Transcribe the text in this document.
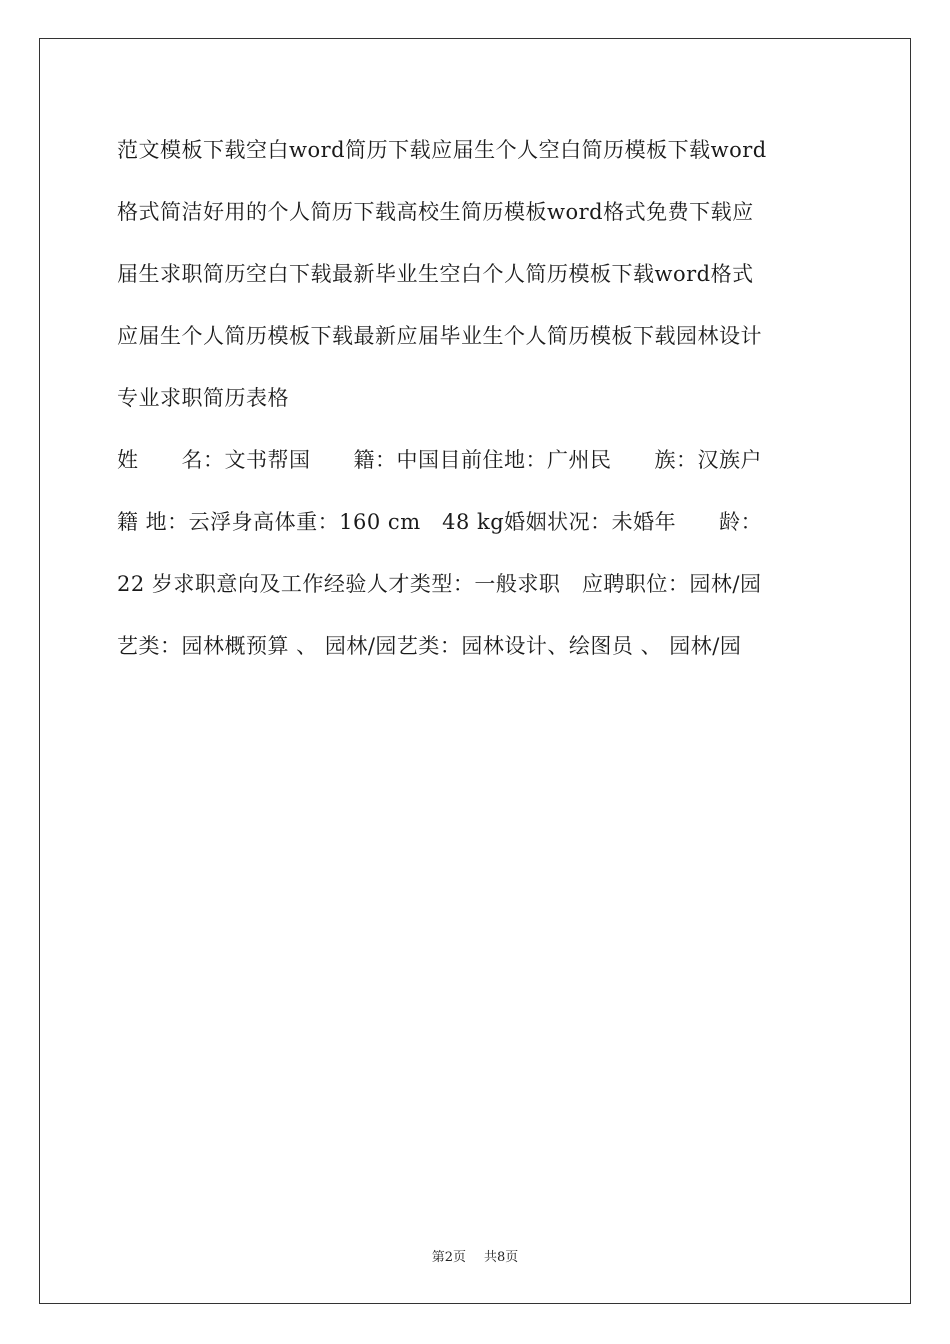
范文模板下载空白word简历下载应届生个人空白简历模板下载word
格式简洁好用的个人简历下载高校生简历模板word格式免费下载应
届生求职简历空白下载最新毕业生空白个人简历模板下载word格式
应届生个人简历模板下载最新应届毕业生个人简历模板下载园林设计
专业求职简历表格
姓　　名：文书帮国　　籍：中国目前住地：广州民　　族：汉族户
籍 地：云浮身高体重：160 cm　48 kg婚姻状况：未婚年　　龄：
22 岁求职意向及工作经验人才类型：一般求职　应聘职位：园林/园
艺类：园林概预算 、 园林/园艺类：园林设计、绘图员 、 园林/园
第2页 共8页
